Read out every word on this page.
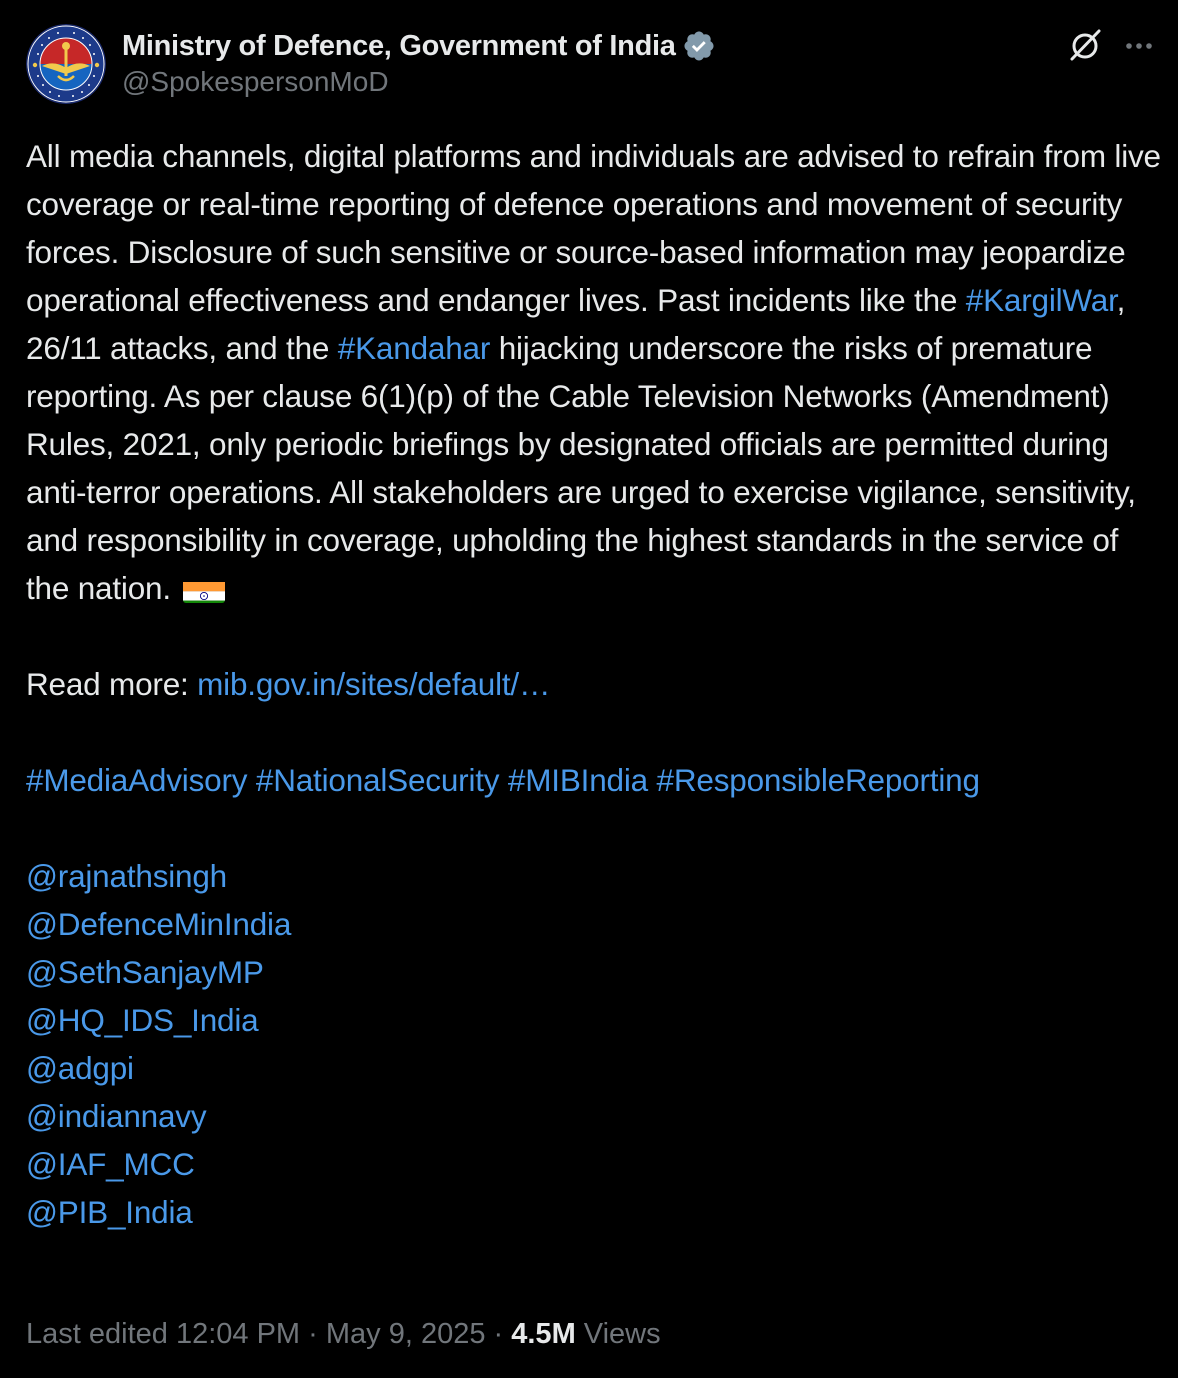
Ministry of Defence, Government of India
@SpokespersonMoD

All media channels, digital platforms and individuals are advised to refrain from live coverage or real-time reporting of defence operations and movement of security forces. Disclosure of such sensitive or source-based information may jeopardize operational effectiveness and endanger lives. Past incidents like the #KargilWar, 26/11 attacks, and the #Kandahar hijacking underscore the risks of premature reporting. As per clause 6(1)(p) of the Cable Television Networks (Amendment) Rules, 2021, only periodic briefings by designated officials are permitted during anti-terror operations. All stakeholders are urged to exercise vigilance, sensitivity, and responsibility in coverage, upholding the highest standards in the service of the nation.

Read more: mib.gov.in/sites/default/…

#MediaAdvisory #NationalSecurity #MIBIndia #ResponsibleReporting

@rajnathsingh
@DefenceMinIndia
@SethSanjayMP
@HQ_IDS_India
@adgpi
@indiannavy
@IAF_MCC
@PIB_India
Last edited 12:04 PM · May 9, 2025 · 4.5M Views
